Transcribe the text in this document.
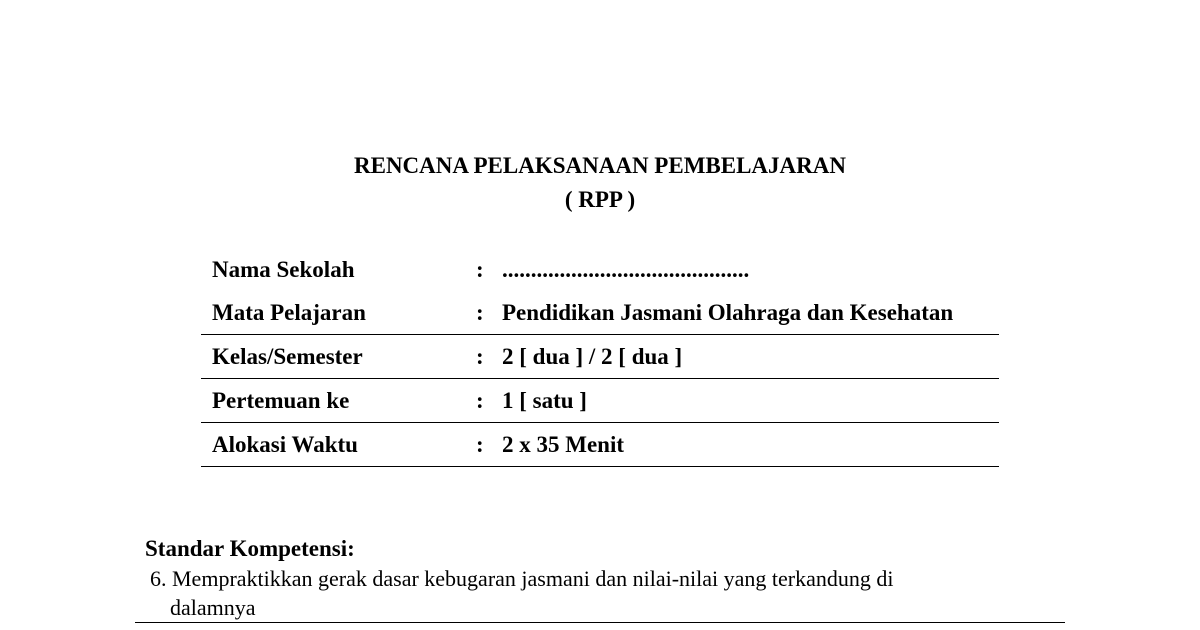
RENCANA PELAKSANAAN PEMBELAJARAN
( RPP )
Nama Sekolah	:	...........................................
Mata Pelajaran	:	Pendidikan Jasmani Olahraga dan Kesehatan
Kelas/Semester	:	2 [ dua ] / 2 [ dua ]
Pertemuan ke	:	1 [ satu ]
Alokasi Waktu	:	2 x 35 Menit
Standar Kompetensi:
6. Mempraktikkan gerak dasar kebugaran jasmani dan nilai-nilai yang terkandung di
dalamnya
